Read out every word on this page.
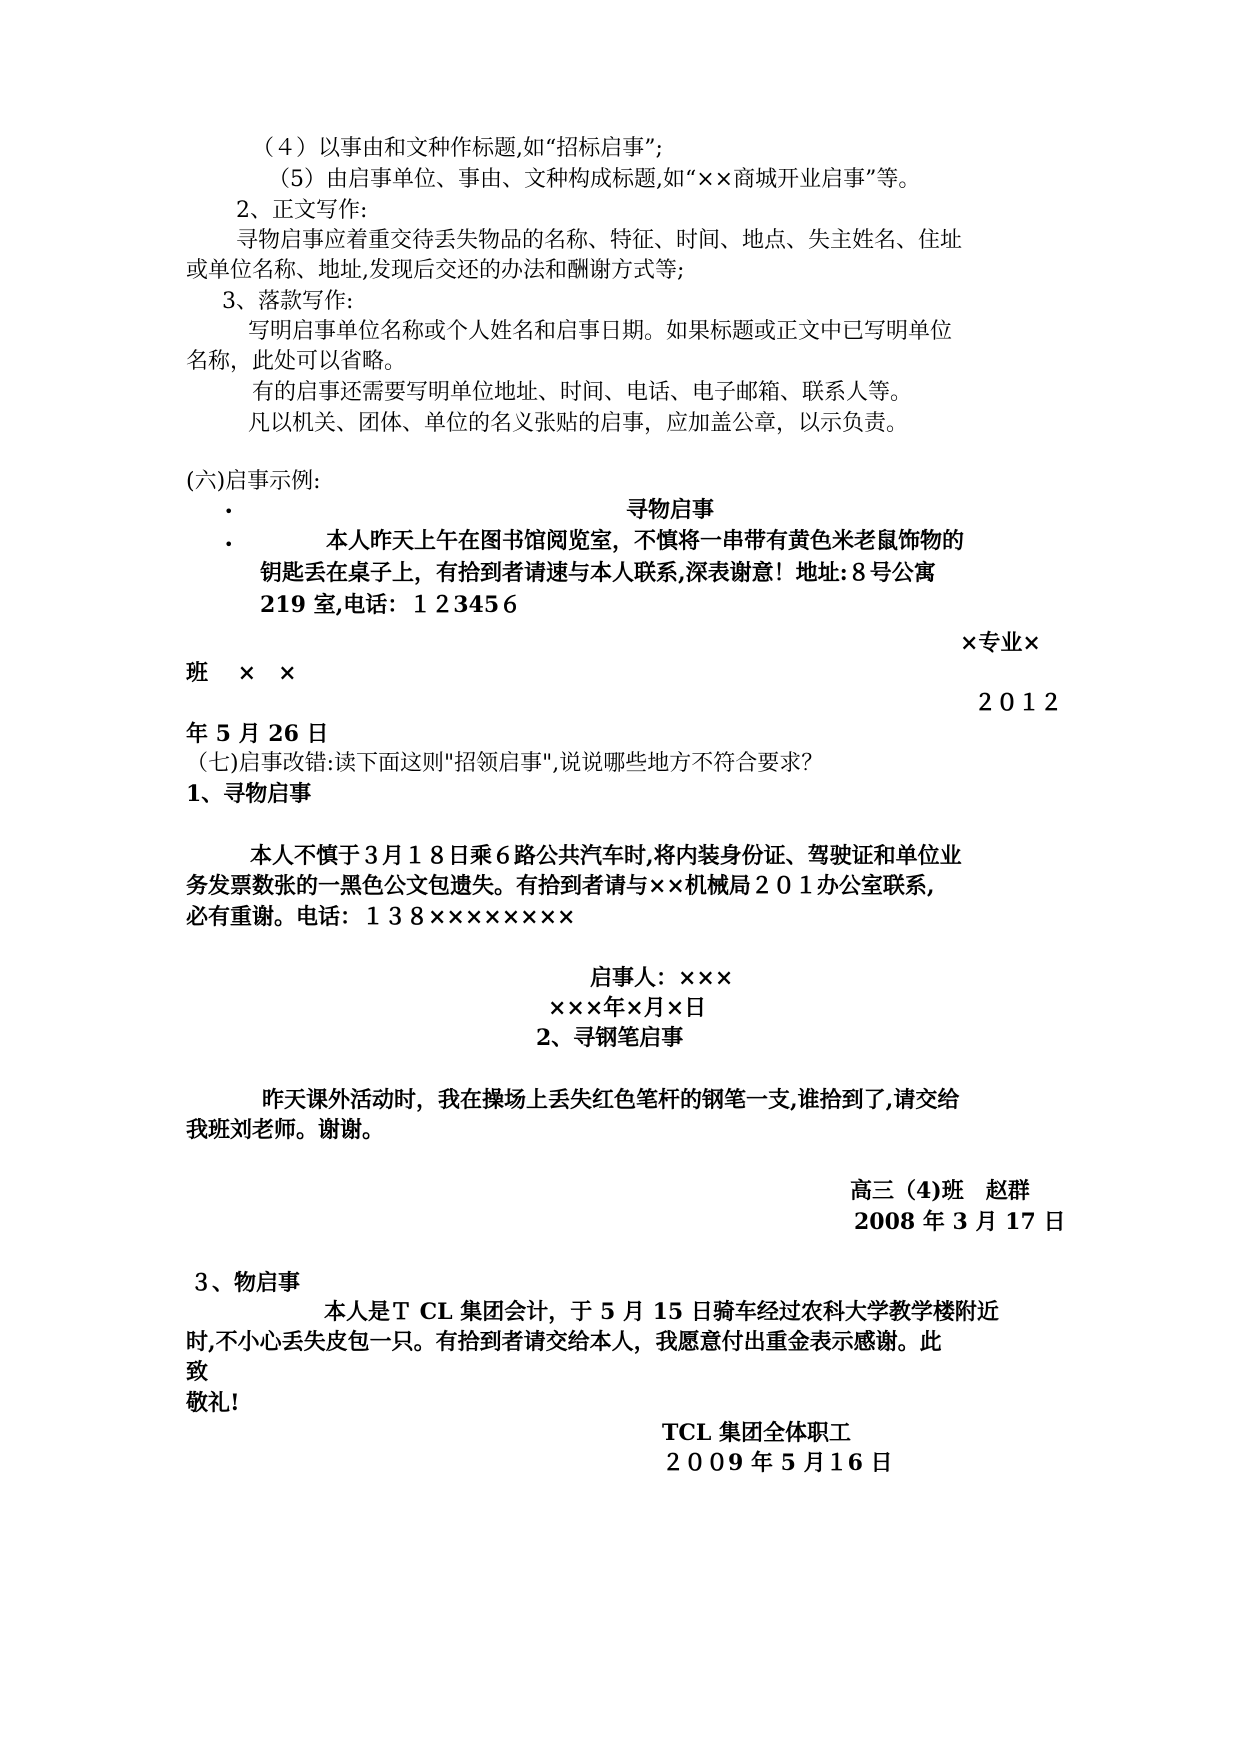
（４）以事由和文种作标题,如“招标启事”;
（5）由启事单位、事由、文种构成标题,如“××商城开业启事”等。
2、正文写作:
寻物启事应着重交待丢失物品的名称、特征、时间、地点、失主姓名、住址
或单位名称、地址,发现后交还的办法和酬谢方式等;
3、落款写作:
写明启事单位名称或个人姓名和启事日期。如果标题或正文中已写明单位
名称，此处可以省略。
有的启事还需要写明单位地址、时间、电话、电子邮箱、联系人等。
凡以机关、团体、单位的名义张贴的启事，应加盖公章，以示负责。
(六)启事示例:
•	寻物启事
•	本人昨天上午在图书馆阅览室，不慎将一串带有黄色米老鼠饰物的
钥匙丢在桌子上，有拾到者请速与本人联系,深表谢意！地址:８号公寓
219 室,电话：１２345６
×专业×
班　 ×　×
２０１２
年 5 月 26 日
（七)启事改错:读下面这则"招领启事",说说哪些地方不符合要求？
1、寻物启事
本人不慎于３月１８日乘６路公共汽车时,将内装身份证、驾驶证和单位业
务发票数张的一黑色公文包遗失。有拾到者请与××机械局２０１办公室联系,
必有重谢。电话：１３８××××××××
启事人：×××
×××年×月×日
2、寻钢笔启事
昨天课外活动时，我在操场上丢失红色笔杆的钢笔一支,谁拾到了,请交给
我班刘老师。谢谢。
高三（4)班　赵群
2008 年 3 月 17 日
３、物启事
本人是Ｔ CL 集团会计，于 5 月 15 日骑车经过农科大学教学楼附近
时,不小心丢失皮包一只。有拾到者请交给本人，我愿意付出重金表示感谢。此
致
敬礼!
TCL 集团全体职工
２００9 年 5 月１6 日
